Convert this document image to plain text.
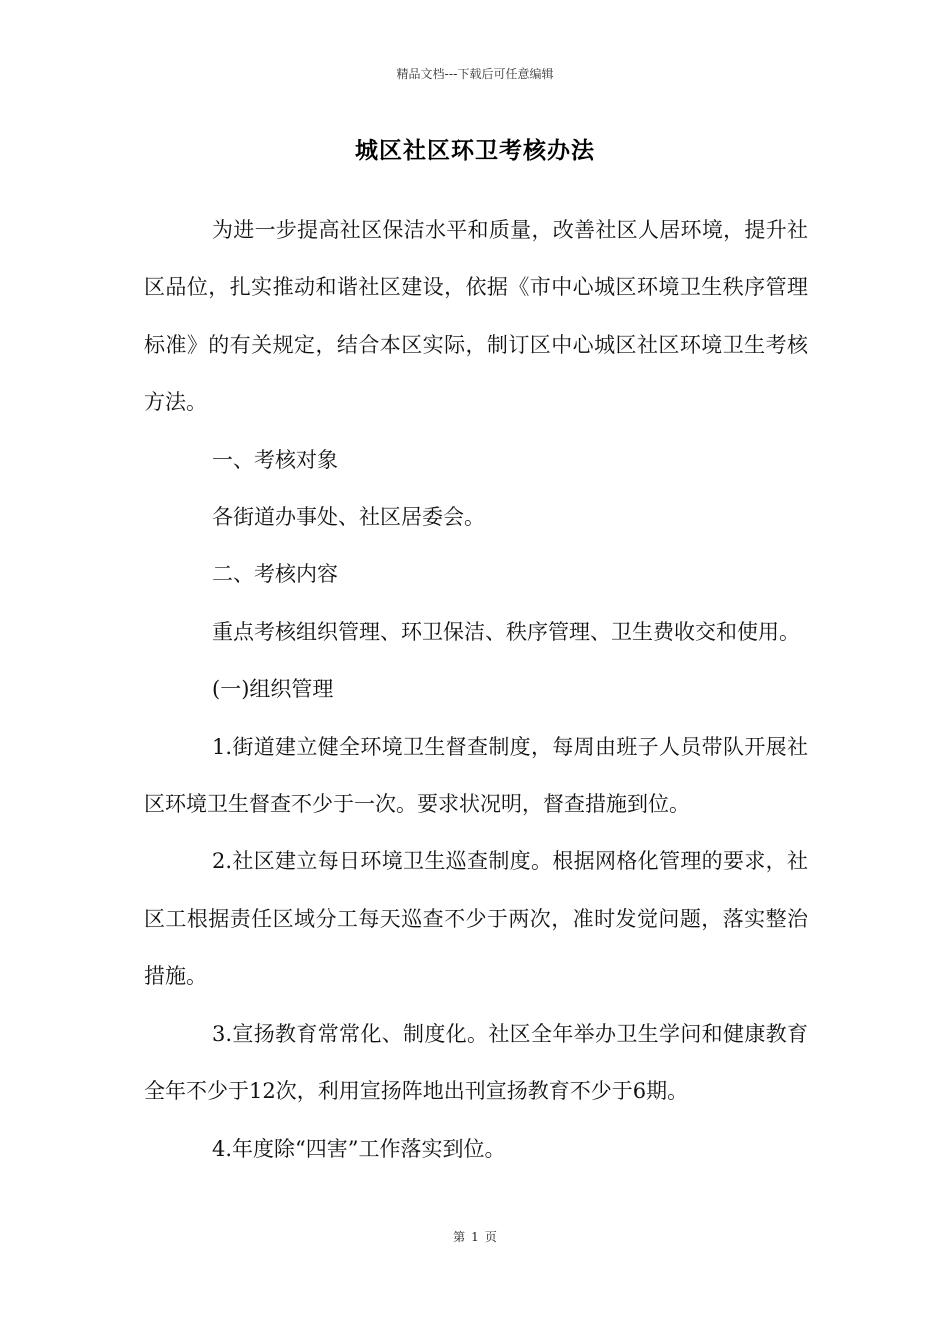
精品文档---下载后可任意编辑
城区社区环卫考核办法

为进一步提高社区保洁水平和质量，改善社区人居环境，提升社区品位，扎实推动和谐社区建设，依据《市中心城区环境卫生秩序管理标准》的有关规定，结合本区实际，制订区中心城区社区环境卫生考核方法。

一、考核对象

各街道办事处、社区居委会。

二、考核内容

重点考核组织管理、环卫保洁、秩序管理、卫生费收交和使用。

(一)组织管理

1.街道建立健全环境卫生督查制度，每周由班子人员带队开展社区环境卫生督查不少于一次。要求状况明，督查措施到位。

2.社区建立每日环境卫生巡查制度。根据网格化管理的要求，社区工根据责任区域分工每天巡查不少于两次，准时发觉问题，落实整治措施。

3.宣扬教育常常化、制度化。社区全年举办卫生学问和健康教育全年不少于12次，利用宣扬阵地出刊宣扬教育不少于6期。

4.年度除“四害”工作落实到位。

第 1 页
